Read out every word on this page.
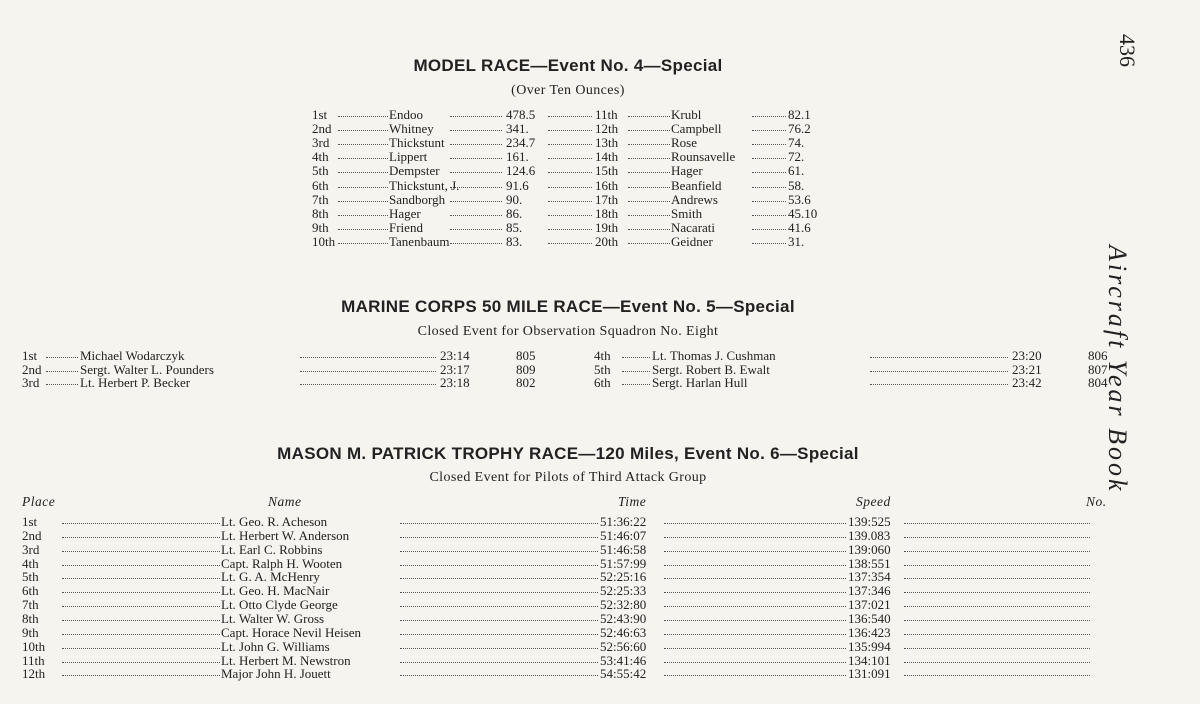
436
Aircraft Year Book
MODEL RACE—Event No. 4—Special
(Over Ten Ounces)
1st	Endoo	478.5	11th	Krubl	82.1
2nd	Whitney	341.	12th	Campbell	76.2
3rd	Thickstunt	234.7	13th	Rose	74.
4th	Lippert	161.	14th	Rounsavelle	72.
5th	Dempster	124.6	15th	Hager	61.
6th	Thickstunt, J.	91.6	16th	Beanfield	58.
7th	Sandborgh	90.	17th	Andrews	53.6
8th	Hager	86.	18th	Smith	45.10
9th	Friend	85.	19th	Nacarati	41.6
10th	Tanenbaum	83.	20th	Geidner	31.
MARINE CORPS 50 MILE RACE—Event No. 5—Special
Closed Event for Observation Squadron No. Eight
1st	Michael Wodarczyk	23:14	805	4th	Lt. Thomas J. Cushman	23:20	806
2nd	Sergt. Walter L. Pounders	23:17	809	5th	Sergt. Robert B. Ewalt	23:21	807
3rd	Lt. Herbert P. Becker	23:18	802	6th	Sergt. Harlan Hull	23:42	804
MASON M. PATRICK TROPHY RACE—120 Miles, Event No. 6—Special
Closed Event for Pilots of Third Attack Group
Place	Name	Time	Speed	No.
1st	Lt. Geo. R. Acheson	51:36:22	139:525
2nd	Lt. Herbert W. Anderson	51:46:07	139.083
3rd	Lt. Earl C. Robbins	51:46:58	139:060
4th	Capt. Ralph H. Wooten	51:57:99	138:551
5th	Lt. G. A. McHenry	52:25:16	137:354
6th	Lt. Geo. H. MacNair	52:25:33	137:346
7th	Lt. Otto Clyde George	52:32:80	137:021
8th	Lt. Walter W. Gross	52:43:90	136:540
9th	Capt. Horace Nevil Heisen	52:46:63	136:423
10th	Lt. John G. Williams	52:56:60	135:994
11th	Lt. Herbert M. Newstron	53:41:46	134:101
12th	Major John H. Jouett	54:55:42	131:091
